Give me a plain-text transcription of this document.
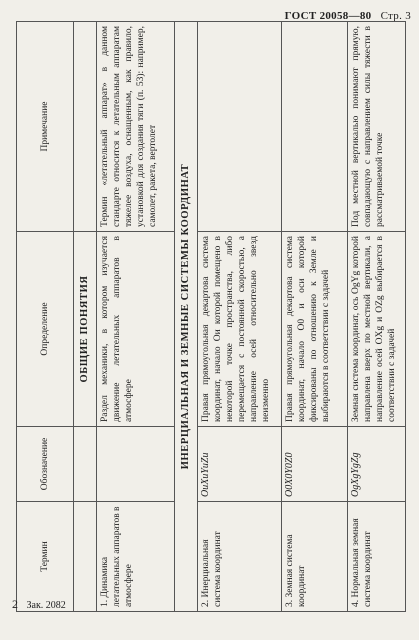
ГОСТ 20058—80 Стр. 3
Термин	Обозначение	Определение	Примечание
		ОБЩИЕ ПОНЯТИЯ	
1. Динамика летательных аппаратов в атмосфере		Раздел механики, в котором изучается движение летательных аппаратов в атмосфере	Термин «летательный аппарат» в данном стандарте относится к летательным аппаратам тяжелее воздуха, оснащенным, как правило, установкой для создания тяги (п. 53): например, самолет, ракета, вертолет
ИНЕРЦИАЛЬНАЯ И ЗЕМНЫЕ СИСТЕМЫ КООРДИНАТ			
2. Инерциальная система координат	OиXиYиZи	Правая прямоугольная декартова система координат, начало Oи которой помещено в некоторой точке пространства, либо перемещается с постоянной скоростью, а направление осей относительно звезд неизменно	
3. Земная система координат	O0X0Y0Z0	Правая прямоугольная декартова система координат, начало O0 и оси которой фиксированы по отношению к Земле и выбираются в соответствии с задачей	
4. Нормальная земная система координат	OgXgYgZg	Земная система координат, ось OgYg которой направлена вверх по местной вертикали, а направление осей OXg и OZg выбирается в соответствии с задачей	Под местной вертикалью понимают прямую, совпадающую с направлением силы тяжести в рассматриваемой точке
2 Зак. 2082
